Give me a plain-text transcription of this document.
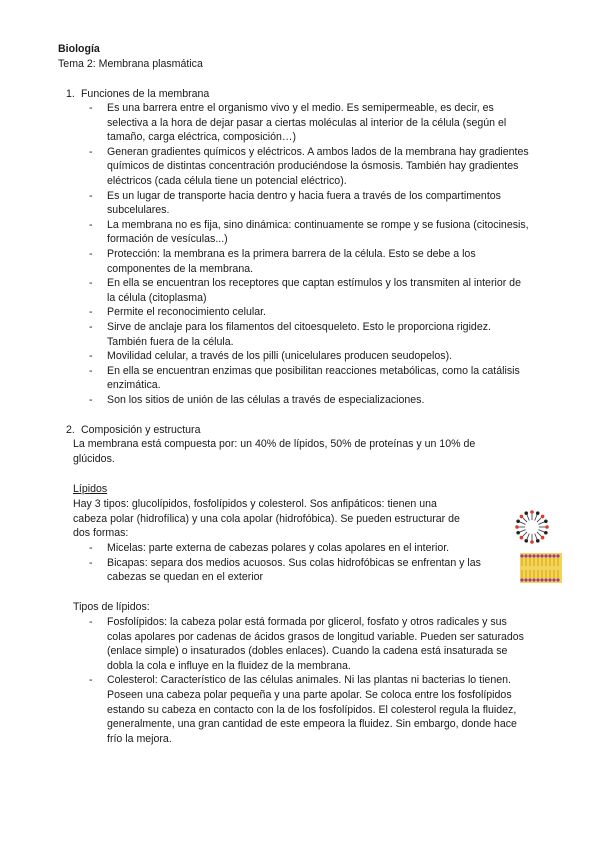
Biología

Tema 2: Membrana plasmática

1. Funciones de la membrana

- Es una barrera entre el organismo vivo y el medio. Es semipermeable, es decir, es selectiva a la hora de dejar pasar a ciertas moléculas al interior de la célula (según el tamaño, carga eléctrica, composición…)
- Generan gradientes químicos y eléctricos. A ambos lados de la membrana hay gradientes químicos de distintas concentración produciéndose la ósmosis. También hay gradientes eléctricos (cada célula tiene un potencial eléctrico).
- Es un lugar de transporte hacia dentro y hacia fuera a través de los compartimentos subcelulares.
- La membrana no es fija, sino dinámica: continuamente se rompe y se fusiona (citocinesis, formación de vesículas...)
- Protección: la membrana es la primera barrera de la célula. Esto se debe a los componentes de la membrana.
- En ella se encuentran los receptores que captan estímulos y los transmiten al interior de la célula (citoplasma)
- Permite el reconocimiento celular.
- Sirve de anclaje para los filamentos del citoesqueleto. Esto le proporciona rigidez. También fuera de la célula.
- Movilidad celular, a través de los pilli (unicelulares producen seudopelos).
- En ella se encuentran enzimas que posibilitan reacciones metabólicas, como la catálisis enzimática.
- Son los sitios de unión de las células a través de especializaciones.

2. Composición y estructura

La membrana está compuesta por: un 40% de lípidos, 50% de proteínas y un 10% de glúcidos.

Lípidos

Hay 3 tipos: glucolípidos, fosfolípidos y colesterol. Sos anfipáticos: tienen una cabeza polar (hidrofílica) y una cola apolar (hidrofóbica). Se pueden estructurar de dos formas:

- Micelas: parte externa de cabezas polares y colas apolares en el interior.
- Bicapas: separa dos medios acuosos. Sus colas hidrofóbicas se enfrentan y las cabezas se quedan en el exterior

Tipos de lípidos:

- Fosfolípidos: la cabeza polar está formada por glicerol, fosfato y otros radicales y sus colas apolares por cadenas de ácidos grasos de longitud variable. Pueden ser saturados (enlace simple) o insaturados (dobles enlaces). Cuando la cadena está insaturada se dobla la cola e influye en la fluidez de la membrana.
- Colesterol: Característico de las células animales. Ni las plantas ni bacterias lo tienen. Poseen una cabeza polar pequeña y una parte apolar. Se coloca entre los fosfolípidos estando su cabeza en contacto con la de los fosfolípidos. El colesterol regula la fluidez, generalmente, una gran cantidad de este empeora la fluidez. Sin embargo, donde hace frío la mejora.
